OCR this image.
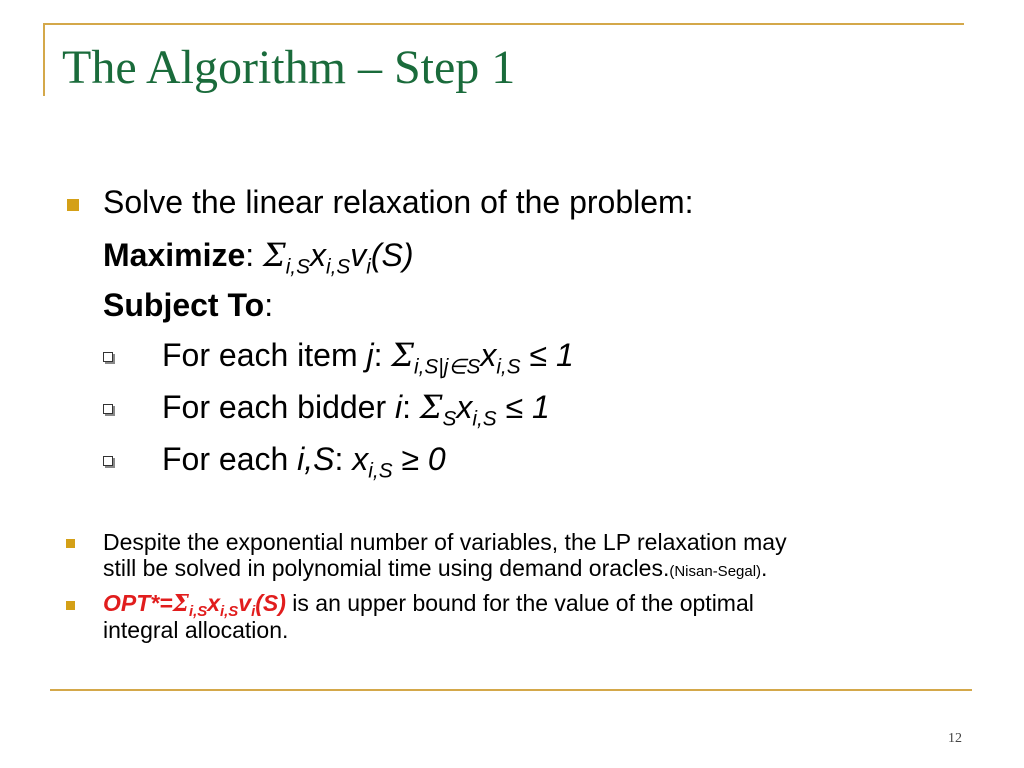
The Algorithm – Step 1
Solve the linear relaxation of the problem:
Maximize: $\Sigma_{i,S}x_{i,S}v_i(S)$
Subject To:
For each item j: $\Sigma_{i,S|j\in S}x_{i,S} \le 1$
For each bidder i: $\Sigma_Sx_{i,S} \le 1$
For each i,S: $x_{i,S} \ge 0$
Despite the exponential number of variables, the LP relaxation may
still be solved in polynomial time using demand oracles.(Nisan-Segal).
$OPT*=\Sigma_{i,S}x_{i,S}v_i(S)$ is an upper bound for the value of the optimal
integral allocation.
12
